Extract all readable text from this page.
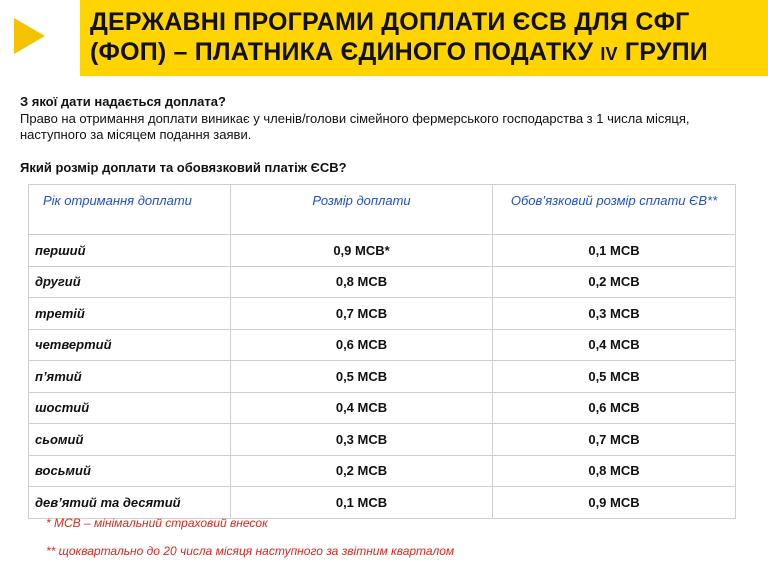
ДЕРЖАВНІ ПРОГРАМИ ДОПЛАТИ ЄСВ ДЛЯ СФГ
(ФОП) – ПЛАТНИКА ЄДИНОГО ПОДАТКУ IV ГРУПИ
З якої дати надається доплата?
Право на отримання доплати виникає у членів/голови сімейного фермерського господарства з 1 числа місяця, наступного за місяцем подання заяви.
Який розмір доплати та обовязковий платіж ЄСВ?
Рік отримання доплати	Розмір доплати	Обов’язковий розмір сплати ЄВ**
перший	0,9 МСВ*	0,1 МСВ
другий	0,8 МСВ	0,2 МСВ
третій	0,7 МСВ	0,3 МСВ
четвертий	0,6 МСВ	0,4 МСВ
п’ятий	0,5 МСВ	0,5 МСВ
шостий	0,4 МСВ	0,6 МСВ
сьомий	0,3 МСВ	0,7 МСВ
восьмий	0,2 МСВ	0,8 МСВ
дев’ятий та десятий	0,1 МСВ	0,9 МСВ
* МСВ – мінімальний страховий внесок
** щоквартально до 20 числа місяця наступного за звітним кварталом
